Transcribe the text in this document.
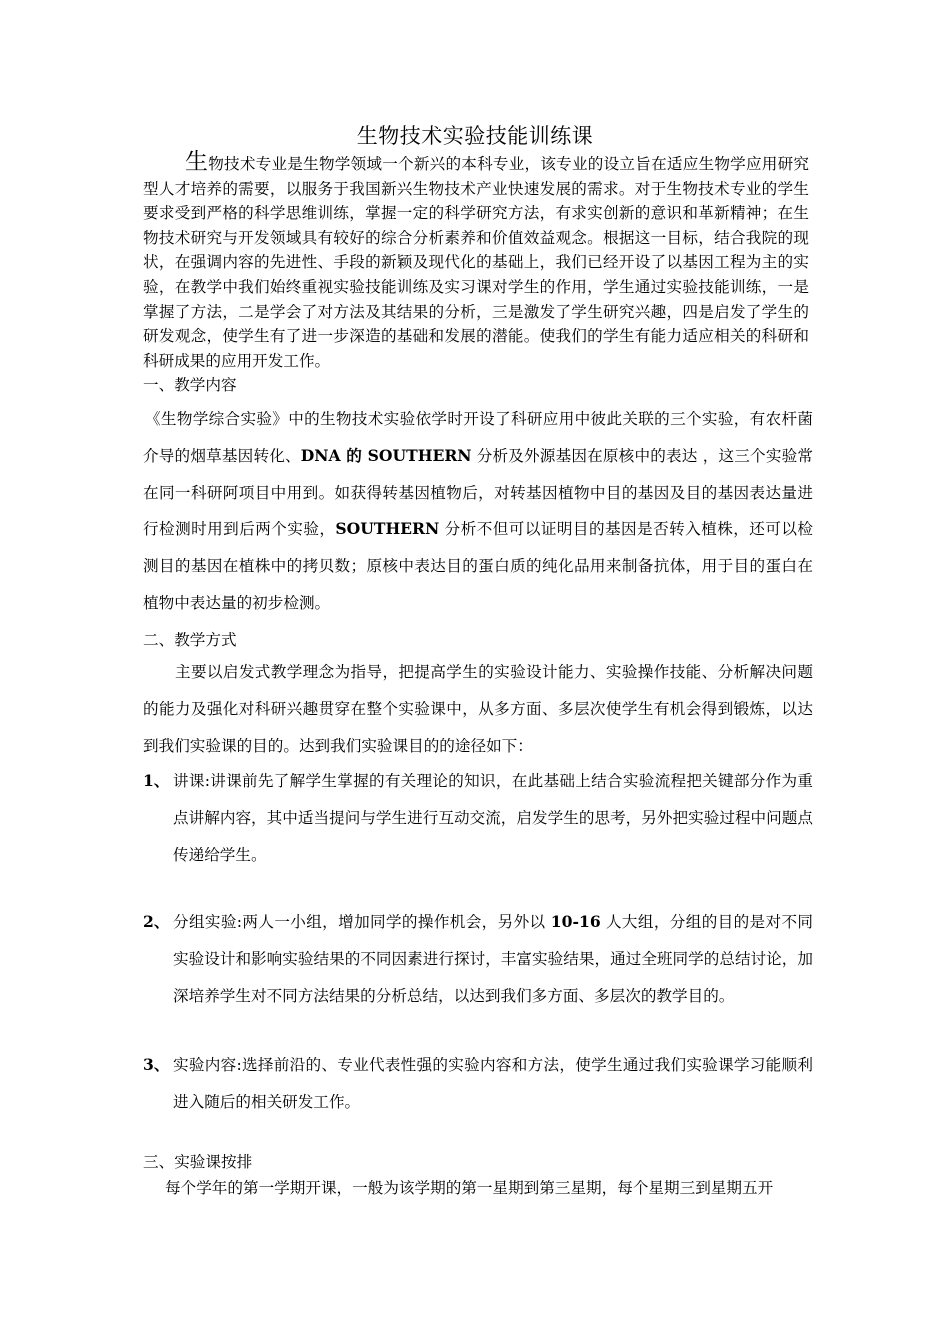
生物技术实验技能训练课
生物技术专业是生物学领域一个新兴的本科专业，该专业的设立旨在适应生物学应用研究型人才培养的需要，以服务于我国新兴生物技术产业快速发展的需求。对于生物技术专业的学生要求受到严格的科学思维训练，掌握一定的科学研究方法，有求实创新的意识和革新精神；在生物技术研究与开发领域具有较好的综合分析素养和价值效益观念。根据这一目标，结合我院的现状，在强调内容的先进性、手段的新颖及现代化的基础上，我们已经开设了以基因工程为主的实验，在教学中我们始终重视实验技能训练及实习课对学生的作用，学生通过实验技能训练，一是掌握了方法，二是学会了对方法及其结果的分析，三是激发了学生研究兴趣，四是启发了学生的研发观念，使学生有了进一步深造的基础和发展的潜能。使我们的学生有能力适应相关的科研和科研成果的应用开发工作。
一、教学内容
《生物学综合实验》中的生物技术实验依学时开设了科研应用中彼此关联的三个实验，有农杆菌介导的烟草基因转化、DNA 的 SOUTHERN 分析及外源基因在原核中的表达 ，这三个实验常在同一科研阿项目中用到。如获得转基因植物后，对转基因植物中目的基因及目的基因表达量进行检测时用到后两个实验，SOUTHERN 分析不但可以证明目的基因是否转入植株，还可以检测目的基因在植株中的拷贝数；原核中表达目的蛋白质的纯化品用来制备抗体，用于目的蛋白在植物中表达量的初步检测。
二、教学方式
主要以启发式教学理念为指导，把提高学生的实验设计能力、实验操作技能、分析解决问题的能力及强化对科研兴趣贯穿在整个实验课中，从多方面、多层次使学生有机会得到锻炼，以达到我们实验课的目的。达到我们实验课目的的途径如下：
1、 讲课:讲课前先了解学生掌握的有关理论的知识，在此基础上结合实验流程把关键部分作为重点讲解内容，其中适当提问与学生进行互动交流，启发学生的思考，另外把实验过程中问题点传递给学生。
2、 分组实验:两人一小组，增加同学的操作机会，另外以 10-16 人大组，分组的目的是对不同实验设计和影响实验结果的不同因素进行探讨，丰富实验结果，通过全班同学的总结讨论，加深培养学生对不同方法结果的分析总结，以达到我们多方面、多层次的教学目的。
3、 实验内容:选择前沿的、专业代表性强的实验内容和方法，使学生通过我们实验课学习能顺利进入随后的相关研发工作。
三、实验课按排
每个学年的第一学期开课，一般为该学期的第一星期到第三星期，每个星期三到星期五开
